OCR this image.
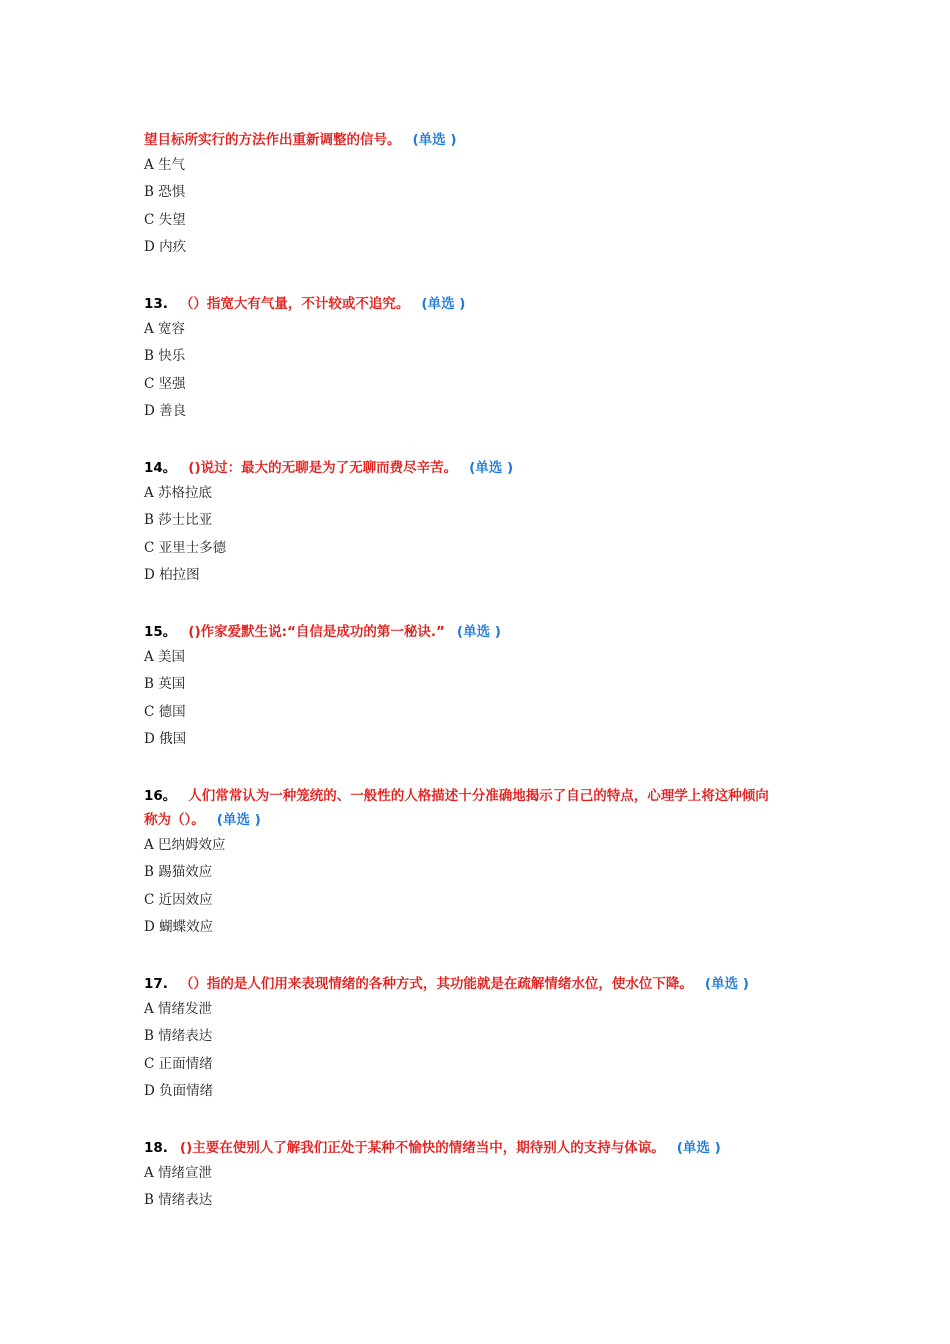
望目标所实行的方法作出重新调整的信号。 (单选 )
A 生气
B 恐惧
C 失望
D 内疚
13. （）指宽大有气量，不计较或不追究。 (单选 )
A 宽容
B 快乐
C 坚强
D 善良
14。 ()说过：最大的无聊是为了无聊而费尽辛苦。 (单选 )
A 苏格拉底
B 莎士比亚
C 亚里士多德
D 柏拉图
15。 ()作家爱默生说:“自信是成功的第一秘诀.” (单选 )
A 美国
B 英国
C 德国
D 俄国
16。 人们常常认为一种笼统的、一般性的人格描述十分准确地揭示了自己的特点，心理学上将这种倾向
称为（）。 (单选 )
A 巴纳姆效应
B 踢猫效应
C 近因效应
D 蝴蝶效应
17. （）指的是人们用来表现情绪的各种方式，其功能就是在疏解情绪水位，使水位下降。 (单选 )
A 情绪发泄
B 情绪表达
C 正面情绪
D 负面情绪
18. ()主要在使别人了解我们正处于某种不愉快的情绪当中，期待别人的支持与体谅。 (单选 )
A 情绪宣泄
B 情绪表达
